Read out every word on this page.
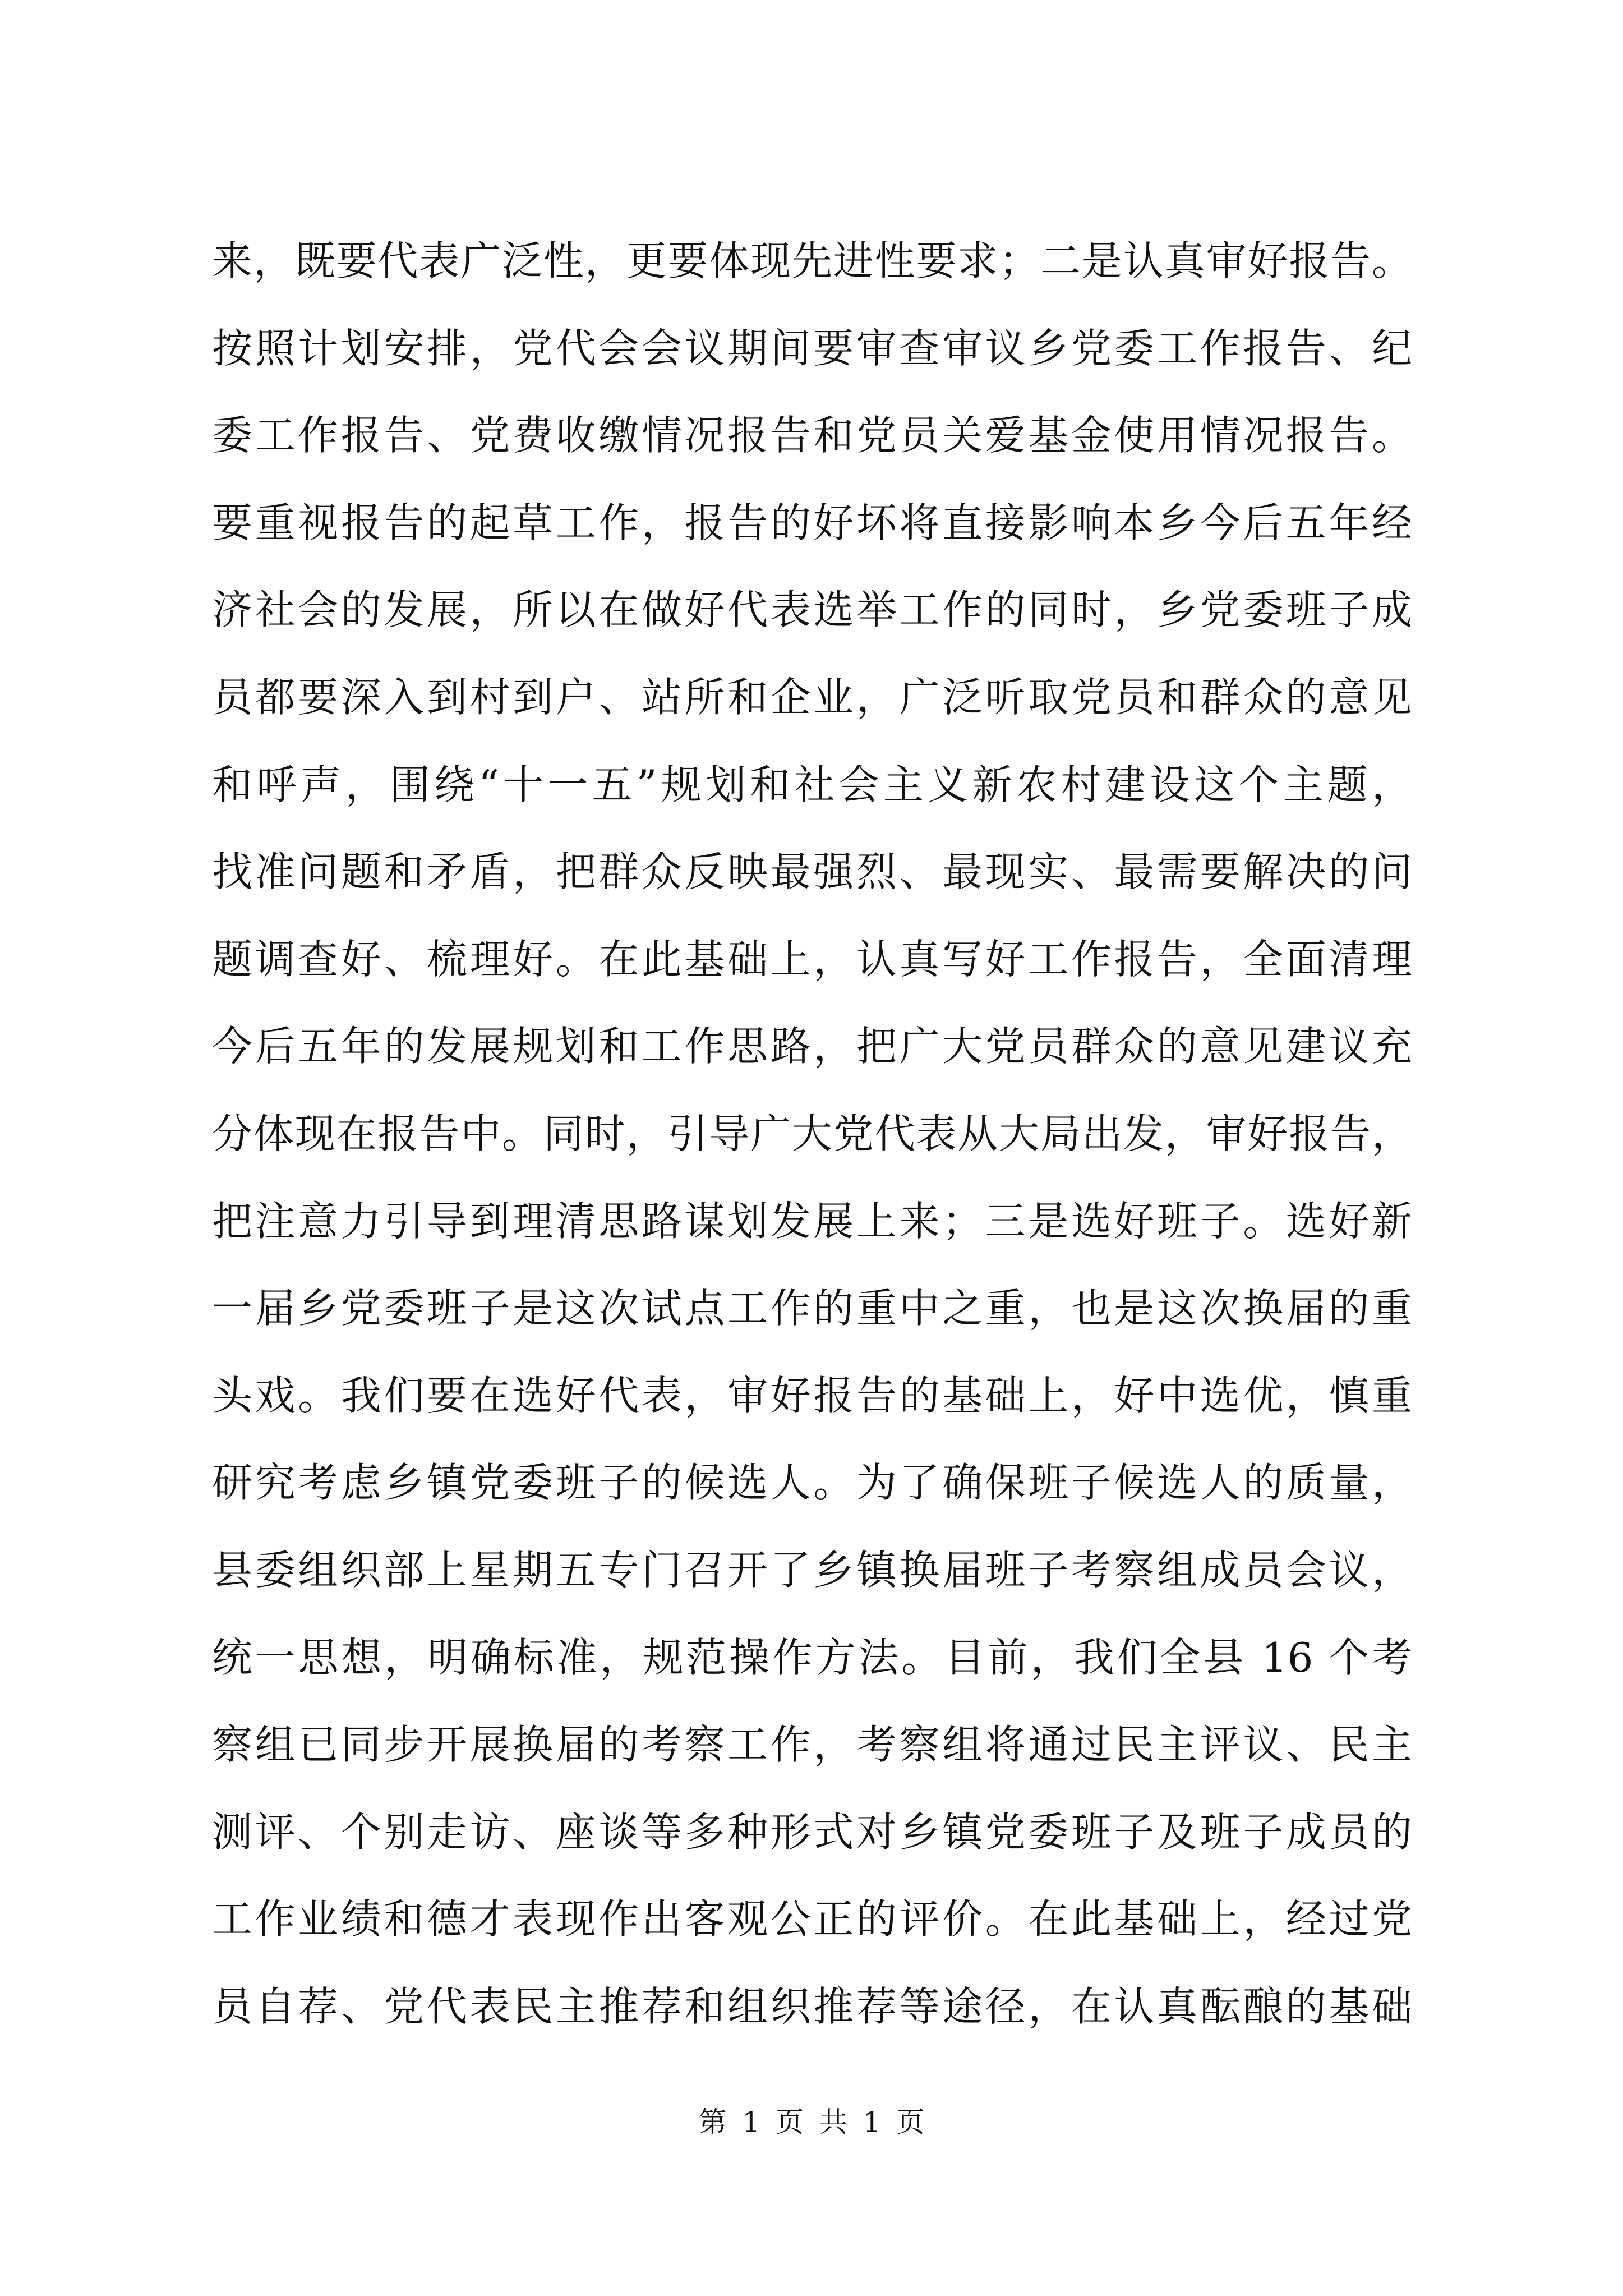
来，既要代表广泛性，更要体现先进性要求；二是认真审好报告。
按照计划安排，党代会会议期间要审查审议乡党委工作报告、纪
委工作报告、党费收缴情况报告和党员关爱基金使用情况报告。
要重视报告的起草工作，报告的好坏将直接影响本乡今后五年经
济社会的发展，所以在做好代表选举工作的同时，乡党委班子成
员都要深入到村到户、站所和企业，广泛听取党员和群众的意见
和呼声，围绕“十一五”规划和社会主义新农村建设这个主题，
找准问题和矛盾，把群众反映最强烈、最现实、最需要解决的问
题调查好、梳理好。在此基础上，认真写好工作报告，全面清理
今后五年的发展规划和工作思路，把广大党员群众的意见建议充
分体现在报告中。同时，引导广大党代表从大局出发，审好报告，
把注意力引导到理清思路谋划发展上来；三是选好班子。选好新
一届乡党委班子是这次试点工作的重中之重，也是这次换届的重
头戏。我们要在选好代表，审好报告的基础上，好中选优，慎重
研究考虑乡镇党委班子的候选人。为了确保班子候选人的质量，
县委组织部上星期五专门召开了乡镇换届班子考察组成员会议，
统一思想，明确标准，规范操作方法。目前，我们全县 16 个考
察组已同步开展换届的考察工作，考察组将通过民主评议、民主
测评、个别走访、座谈等多种形式对乡镇党委班子及班子成员的
工作业绩和德才表现作出客观公正的评价。在此基础上，经过党
员自荐、党代表民主推荐和组织推荐等途径，在认真酝酿的基础
第 1 页 共 1 页
